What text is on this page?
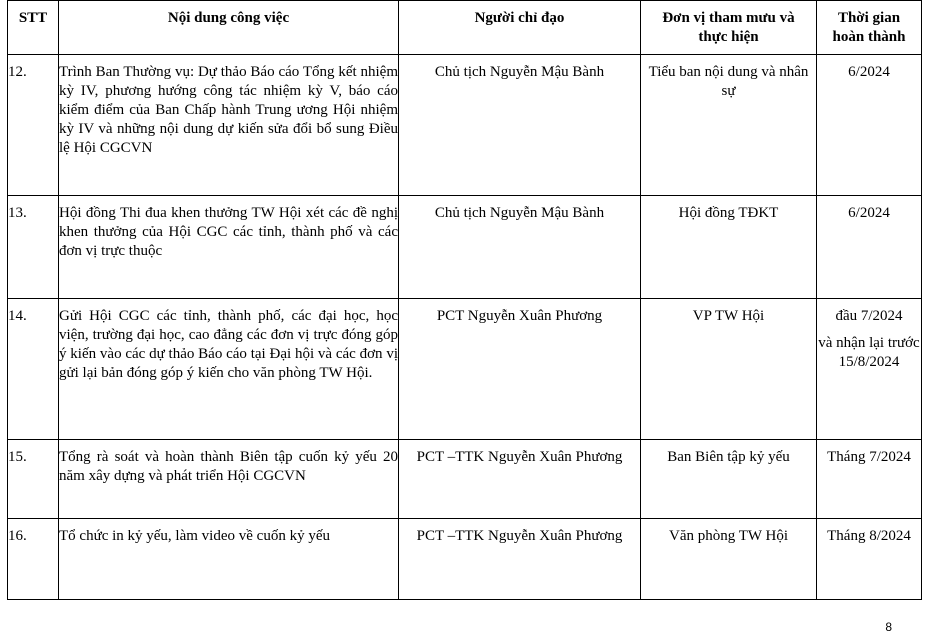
STT	Nội dung công việc	Người chỉ đạo	Đơn vị tham mưu và
thực hiện	Thời gian
hoàn thành
12.	Trình Ban Thường vụ: Dự thảo Báo cáo Tổng kết nhiệm kỳ IV, phương hướng công tác nhiệm kỳ V, báo cáo kiểm điểm của Ban Chấp hành Trung ương Hội nhiệm kỳ IV và những nội dung dự kiến sửa đổi bổ sung Điều lệ Hội CGCVN	Chủ tịch Nguyễn Mậu Bành	Tiểu ban nội dung và nhân sự	6/2024
13.	Hội đồng Thi đua khen thưởng TW Hội xét các đề nghị khen thưởng của Hội CGC các tỉnh, thành phố và các đơn vị trực thuộc	Chủ tịch Nguyễn Mậu Bành	Hội đồng TĐKT	6/2024
14.	Gửi Hội CGC các tỉnh, thành phố, các đại học, học viện, trường đại học, cao đẳng các đơn vị trực đóng góp ý kiến vào các dự thảo Báo cáo tại Đại hội và các đơn vị gửi lại bản đóng góp ý kiến cho văn phòng TW Hội.	PCT Nguyễn Xuân Phương	VP TW Hội	đầu 7/2024
và nhận lại trước 15/8/2024

15.	Tổng rà soát và hoàn thành Biên tập cuốn kỷ yếu 20 năm xây dựng và phát triển Hội CGCVN	PCT –TTK Nguyễn Xuân Phương	Ban Biên tập kỷ yếu	Tháng 7/2024
16.	Tổ chức in kỷ yếu, làm video về cuốn kỷ yếu	PCT –TTK Nguyễn Xuân Phương	Văn phòng TW Hội	Tháng 8/2024
8
